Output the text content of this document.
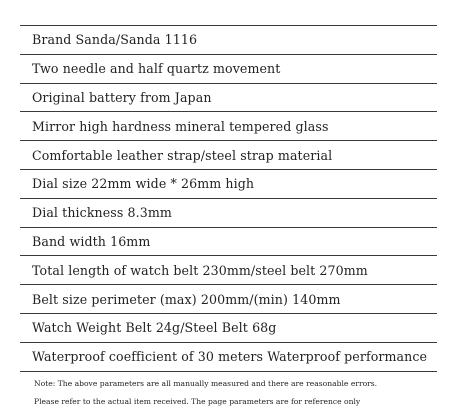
Brand Sanda/Sanda 1116
Two needle and half quartz movement
Original battery from Japan
Mirror high hardness mineral tempered glass
Comfortable leather strap/steel strap material
Dial size 22mm wide * 26mm high
Dial thickness 8.3mm
Band width 16mm
Total length of watch belt 230mm/steel belt 270mm
Belt size perimeter (max) 200mm/(min) 140mm
Watch Weight Belt 24g/Steel Belt 68g
Waterproof coefficient of 30 meters Waterproof performance
Note: The above parameters are all manually measured and there are reasonable errors.
Please refer to the actual item received. The page parameters are for reference only
